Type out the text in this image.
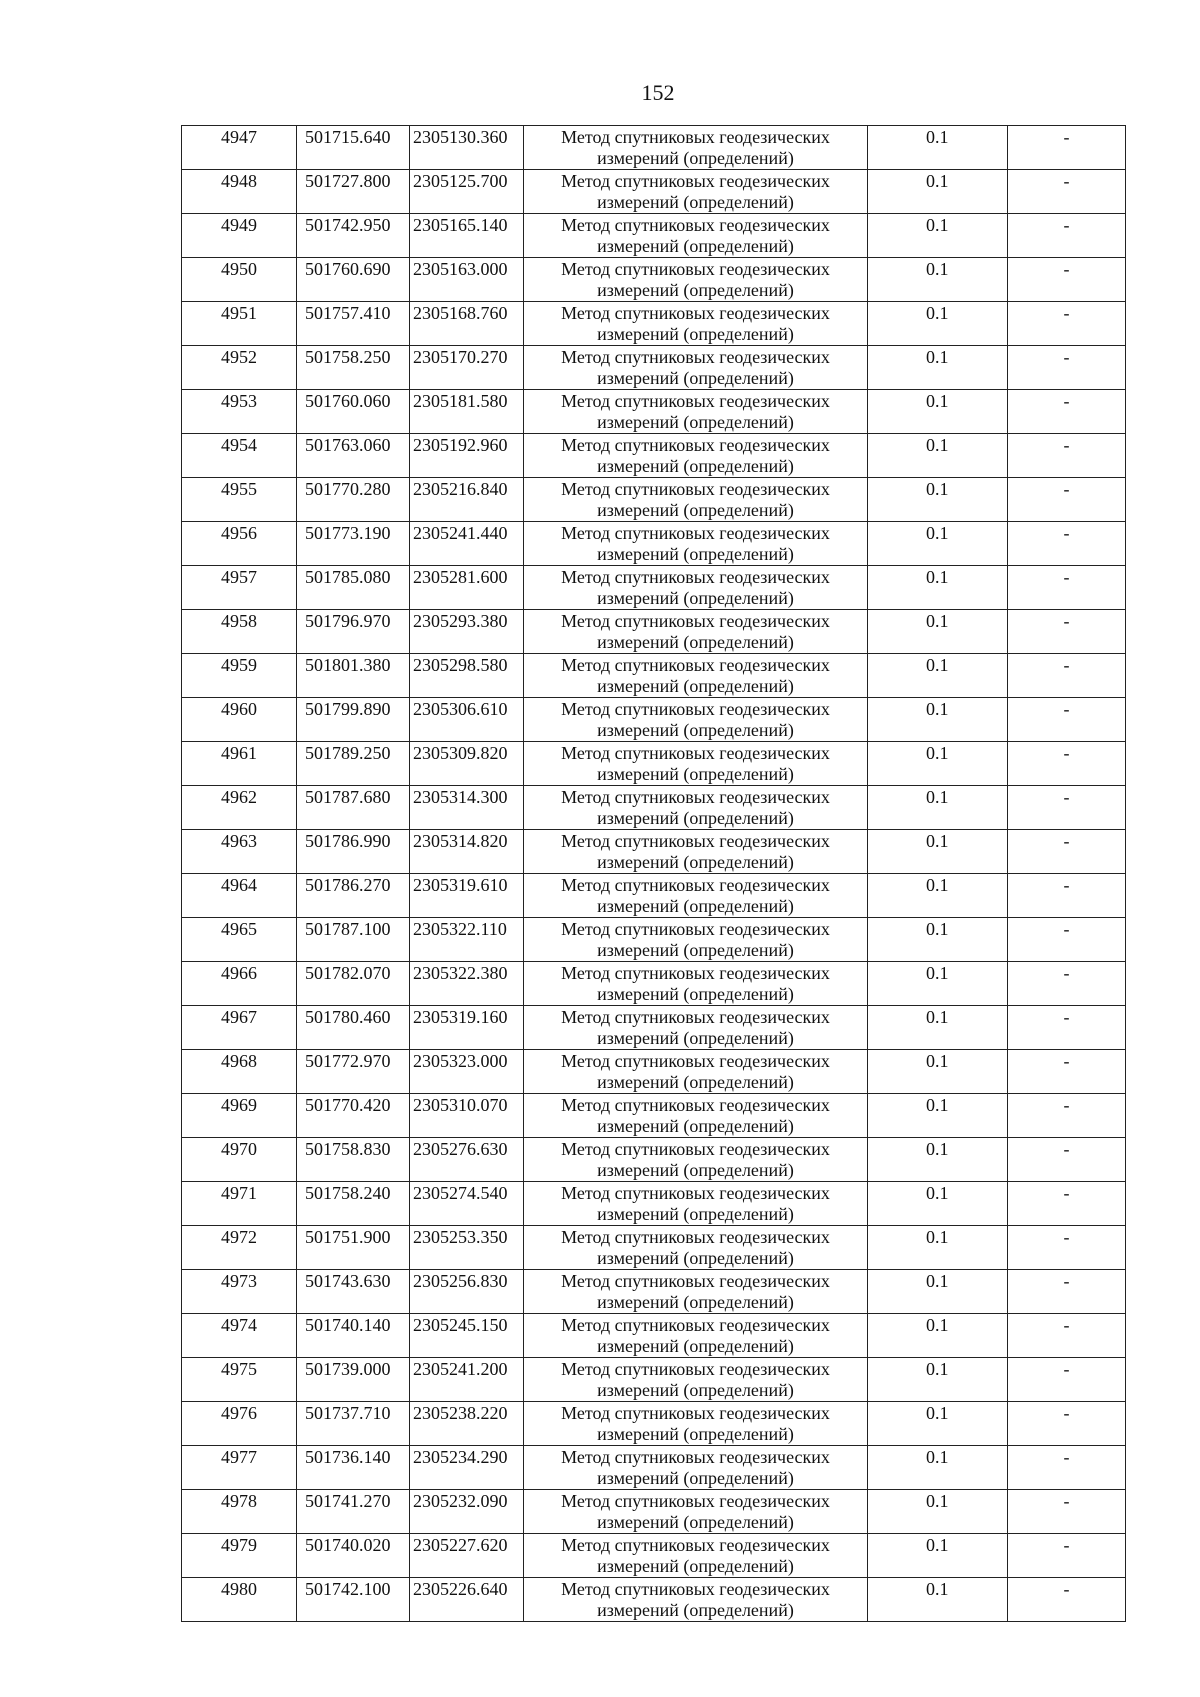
152
4947	501715.640	2305130.360	Метод спутниковых геодезических измерений (определений)	0.1	-
4948	501727.800	2305125.700	Метод спутниковых геодезических измерений (определений)	0.1	-
4949	501742.950	2305165.140	Метод спутниковых геодезических измерений (определений)	0.1	-
4950	501760.690	2305163.000	Метод спутниковых геодезических измерений (определений)	0.1	-
4951	501757.410	2305168.760	Метод спутниковых геодезических измерений (определений)	0.1	-
4952	501758.250	2305170.270	Метод спутниковых геодезических измерений (определений)	0.1	-
4953	501760.060	2305181.580	Метод спутниковых геодезических измерений (определений)	0.1	-
4954	501763.060	2305192.960	Метод спутниковых геодезических измерений (определений)	0.1	-
4955	501770.280	2305216.840	Метод спутниковых геодезических измерений (определений)	0.1	-
4956	501773.190	2305241.440	Метод спутниковых геодезических измерений (определений)	0.1	-
4957	501785.080	2305281.600	Метод спутниковых геодезических измерений (определений)	0.1	-
4958	501796.970	2305293.380	Метод спутниковых геодезических измерений (определений)	0.1	-
4959	501801.380	2305298.580	Метод спутниковых геодезических измерений (определений)	0.1	-
4960	501799.890	2305306.610	Метод спутниковых геодезических измерений (определений)	0.1	-
4961	501789.250	2305309.820	Метод спутниковых геодезических измерений (определений)	0.1	-
4962	501787.680	2305314.300	Метод спутниковых геодезических измерений (определений)	0.1	-
4963	501786.990	2305314.820	Метод спутниковых геодезических измерений (определений)	0.1	-
4964	501786.270	2305319.610	Метод спутниковых геодезических измерений (определений)	0.1	-
4965	501787.100	2305322.110	Метод спутниковых геодезических измерений (определений)	0.1	-
4966	501782.070	2305322.380	Метод спутниковых геодезических измерений (определений)	0.1	-
4967	501780.460	2305319.160	Метод спутниковых геодезических измерений (определений)	0.1	-
4968	501772.970	2305323.000	Метод спутниковых геодезических измерений (определений)	0.1	-
4969	501770.420	2305310.070	Метод спутниковых геодезических измерений (определений)	0.1	-
4970	501758.830	2305276.630	Метод спутниковых геодезических измерений (определений)	0.1	-
4971	501758.240	2305274.540	Метод спутниковых геодезических измерений (определений)	0.1	-
4972	501751.900	2305253.350	Метод спутниковых геодезических измерений (определений)	0.1	-
4973	501743.630	2305256.830	Метод спутниковых геодезических измерений (определений)	0.1	-
4974	501740.140	2305245.150	Метод спутниковых геодезических измерений (определений)	0.1	-
4975	501739.000	2305241.200	Метод спутниковых геодезических измерений (определений)	0.1	-
4976	501737.710	2305238.220	Метод спутниковых геодезических измерений (определений)	0.1	-
4977	501736.140	2305234.290	Метод спутниковых геодезических измерений (определений)	0.1	-
4978	501741.270	2305232.090	Метод спутниковых геодезических измерений (определений)	0.1	-
4979	501740.020	2305227.620	Метод спутниковых геодезических измерений (определений)	0.1	-
4980	501742.100	2305226.640	Метод спутниковых геодезических измерений (определений)	0.1	-
